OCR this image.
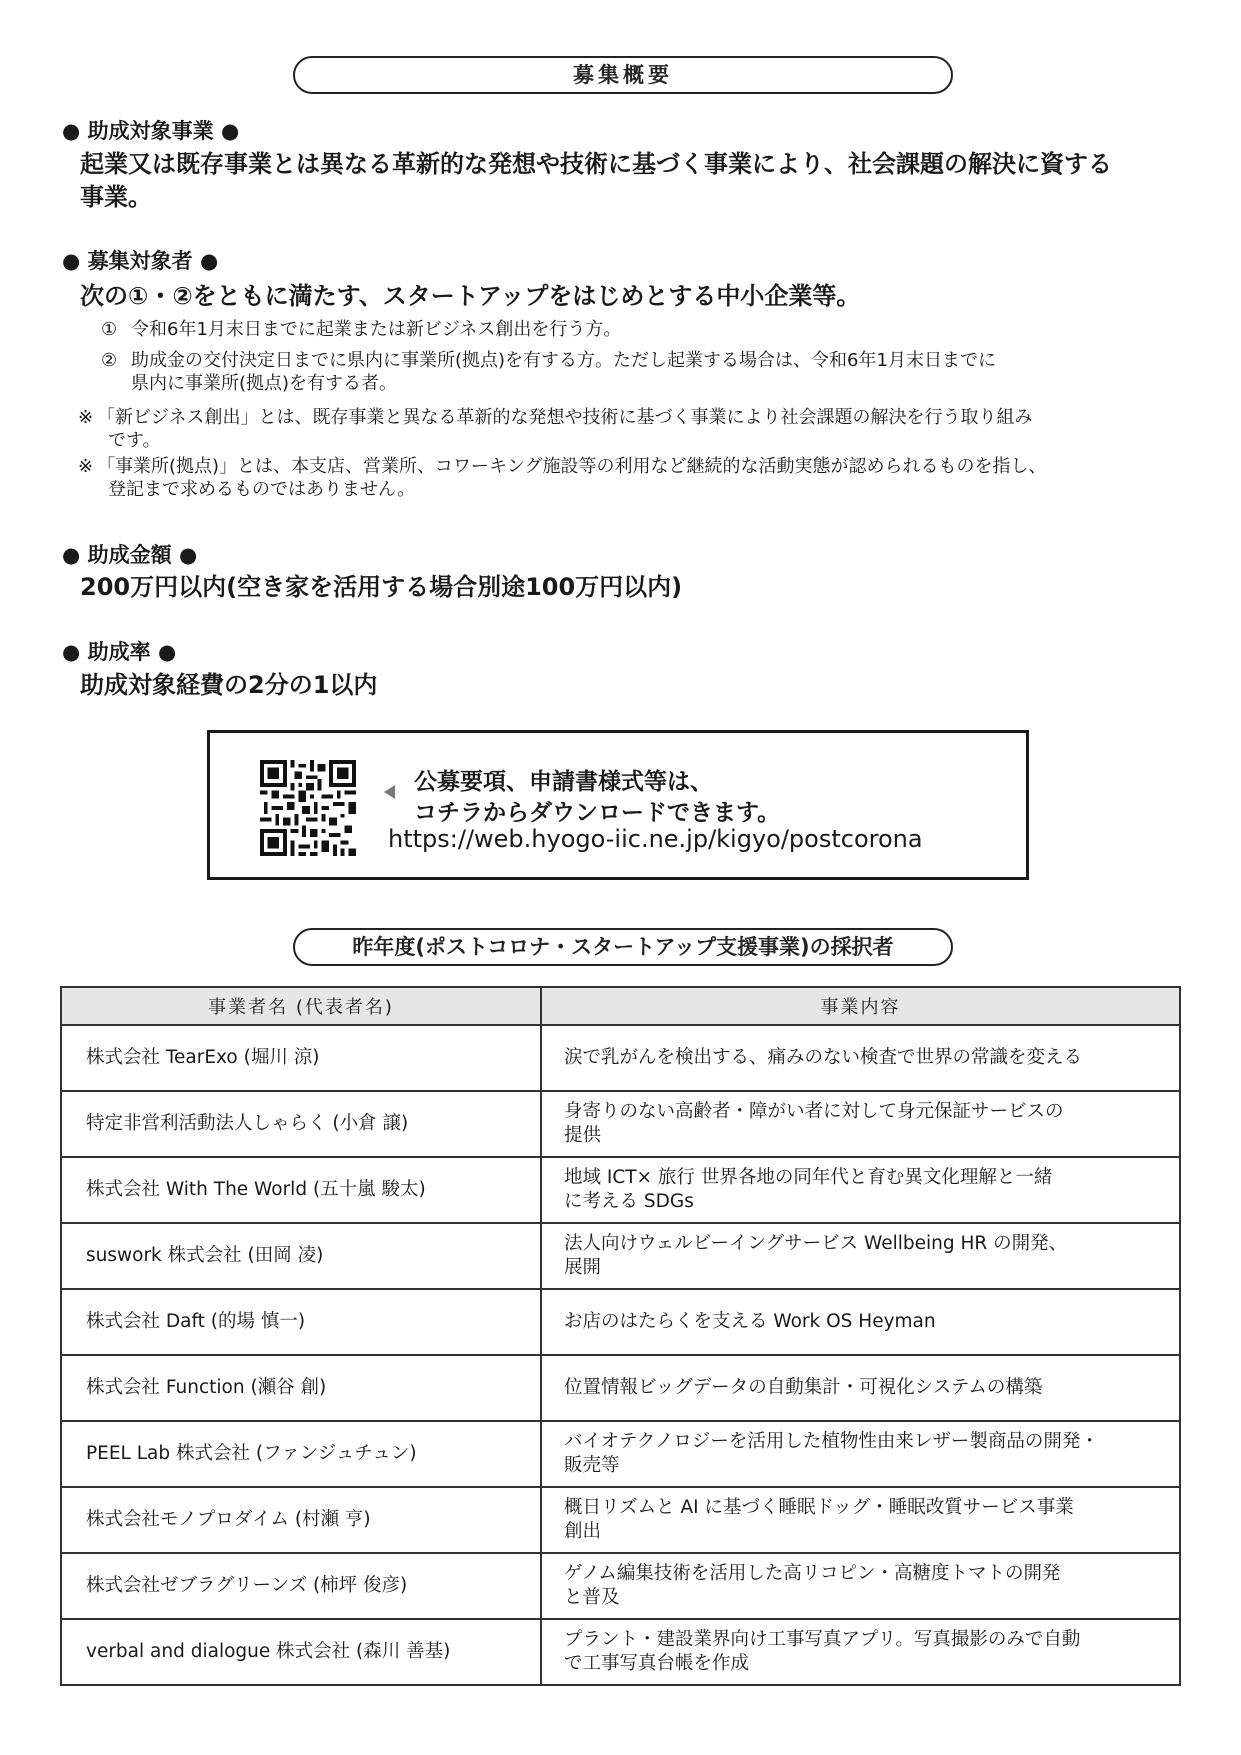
募集概要
● 助成対象事業 ●
起業又は既存事業とは異なる革新的な発想や技術に基づく事業により、社会課題の解決に資する
事業。
● 募集対象者 ●
次の①・②をともに満たす、スタートアップをはじめとする中小企業等。
① 令和6年1月末日までに起業または新ビジネス創出を行う方。
② 助成金の交付決定日までに県内に事業所(拠点)を有する方。ただし起業する場合は、令和6年1月末日までに
県内に事業所(拠点)を有する者。
※ 「新ビジネス創出」とは、既存事業と異なる革新的な発想や技術に基づく事業により社会課題の解決を行う取り組み
です。
※ 「事業所(拠点)」とは、本支店、営業所、コワーキング施設等の利用など継続的な活動実態が認められるものを指し、
登記まで求めるものではありません。
● 助成金額 ●
200万円以内(空き家を活用する場合別途100万円以内)
● 助成率 ●
助成対象経費の2分の1以内
公募要項、申請書様式等は、
コチラからダウンロードできます。
https://web.hyogo-iic.ne.jp/kigyo/postcorona
昨年度(ポストコロナ・スタートアップ支援事業)の採択者
事業者名 (代表者名)	事業内容
株式会社 TearExo (堀川 涼)	涙で乳がんを検出する、痛みのない検査で世界の常識を変える

特定非営利活動法人しゃらく (小倉 譲)	身寄りのない高齢者・障がい者に対して身元保証サービスの
提供

株式会社 With The World (五十嵐 駿太)	地域 ICT× 旅行 世界各地の同年代と育む異文化理解と一緒
に考える SDGs

suswork 株式会社 (田岡 凌)	法人向けウェルビーイングサービス Wellbeing HR の開発、
展開

株式会社 Daft (的場 慎一)	お店のはたらくを支える Work OS Heyman

株式会社 Function (瀬谷 創)	位置情報ビッグデータの自動集計・可視化システムの構築

PEEL Lab 株式会社 (ファンジュチュン)	バイオテクノロジーを活用した植物性由来レザー製商品の開発・
販売等

株式会社モノプロダイム (村瀬 亨)	概日リズムと AI に基づく睡眠ドッグ・睡眠改質サービス事業
創出

株式会社ゼブラグリーンズ (柿坪 俊彦)	ゲノム編集技術を活用した高リコピン・高糖度トマトの開発
と普及

verbal and dialogue 株式会社 (森川 善基)	プラント・建設業界向け工事写真アプリ。写真撮影のみで自動
で工事写真台帳を作成
